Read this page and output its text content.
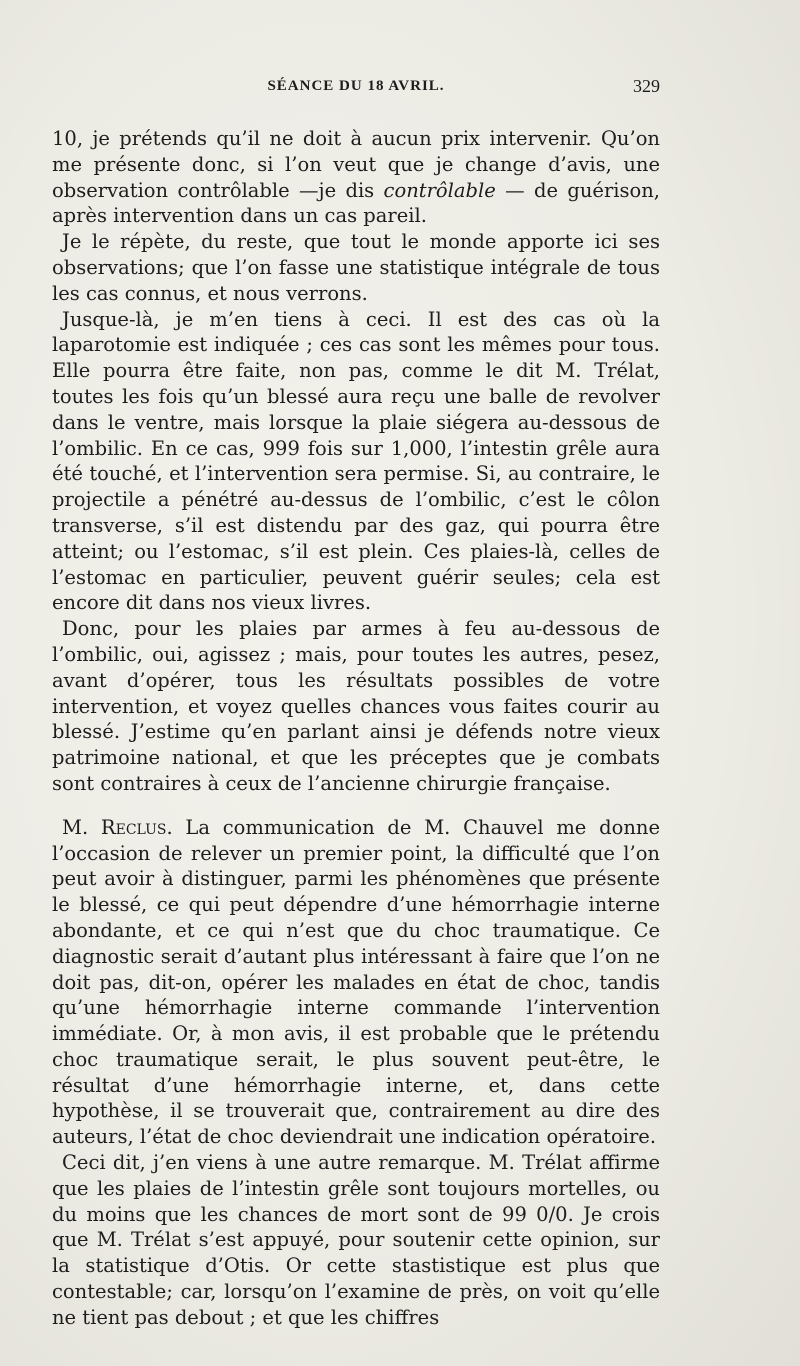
SÉANCE DU 18 AVRIL.	329

10, je prétends qu’il ne doit à aucun prix intervenir. Qu’on me présente donc, si l’on veut que je change d’avis, une observation contrôlable —je dis contrôlable — de guérison, après intervention dans un cas pareil.

Je le répète, du reste, que tout le monde apporte ici ses observations; que l’on fasse une statistique intégrale de tous les cas connus, et nous verrons.

Jusque-là, je m’en tiens à ceci. Il est des cas où la laparotomie est indiquée ; ces cas sont les mêmes pour tous. Elle pourra être faite, non pas, comme le dit M. Trélat, toutes les fois qu’un blessé aura reçu une balle de revolver dans le ventre, mais lorsque la plaie siégera au-dessous de l’ombilic. En ce cas, 999 fois sur 1,000, l’intestin grêle aura été touché, et l’intervention sera permise. Si, au contraire, le projectile a pénétré au-dessus de l’ombilic, c’est le côlon transverse, s’il est distendu par des gaz, qui pourra être atteint; ou l’estomac, s’il est plein. Ces plaies-là, celles de l’estomac en particulier, peuvent guérir seules; cela est encore dit dans nos vieux livres.

Donc, pour les plaies par armes à feu au-dessous de l’ombilic, oui, agissez ; mais, pour toutes les autres, pesez, avant d’opérer, tous les résultats possibles de votre intervention, et voyez quelles chances vous faites courir au blessé. J’estime qu’en parlant ainsi je défends notre vieux patrimoine national, et que les préceptes que je combats sont contraires à ceux de l’ancienne chirurgie française.

M. Reclus. La communication de M. Chauvel me donne l’occasion de relever un premier point, la difficulté que l’on peut avoir à distinguer, parmi les phénomènes que présente le blessé, ce qui peut dépendre d’une hémorrhagie interne abondante, et ce qui n’est que du choc traumatique. Ce diagnostic serait d’autant plus intéressant à faire que l’on ne doit pas, dit-on, opérer les malades en état de choc, tandis qu’une hémorrhagie interne commande l’intervention immédiate. Or, à mon avis, il est probable que le prétendu choc traumatique serait, le plus souvent peut-être, le résultat d’une hémorrhagie interne, et, dans cette hypothèse, il se trouverait que, contrairement au dire des auteurs, l’état de choc deviendrait une indication opératoire.

Ceci dit, j’en viens à une autre remarque. M. Trélat affirme que les plaies de l’intestin grêle sont toujours mortelles, ou du moins que les chances de mort sont de 99 0/0. Je crois que M. Trélat s’est appuyé, pour soutenir cette opinion, sur la statistique d’Otis. Or cette stastistique est plus que contestable; car, lorsqu’on l’examine de près, on voit qu’elle ne tient pas debout ; et que les chiffres
